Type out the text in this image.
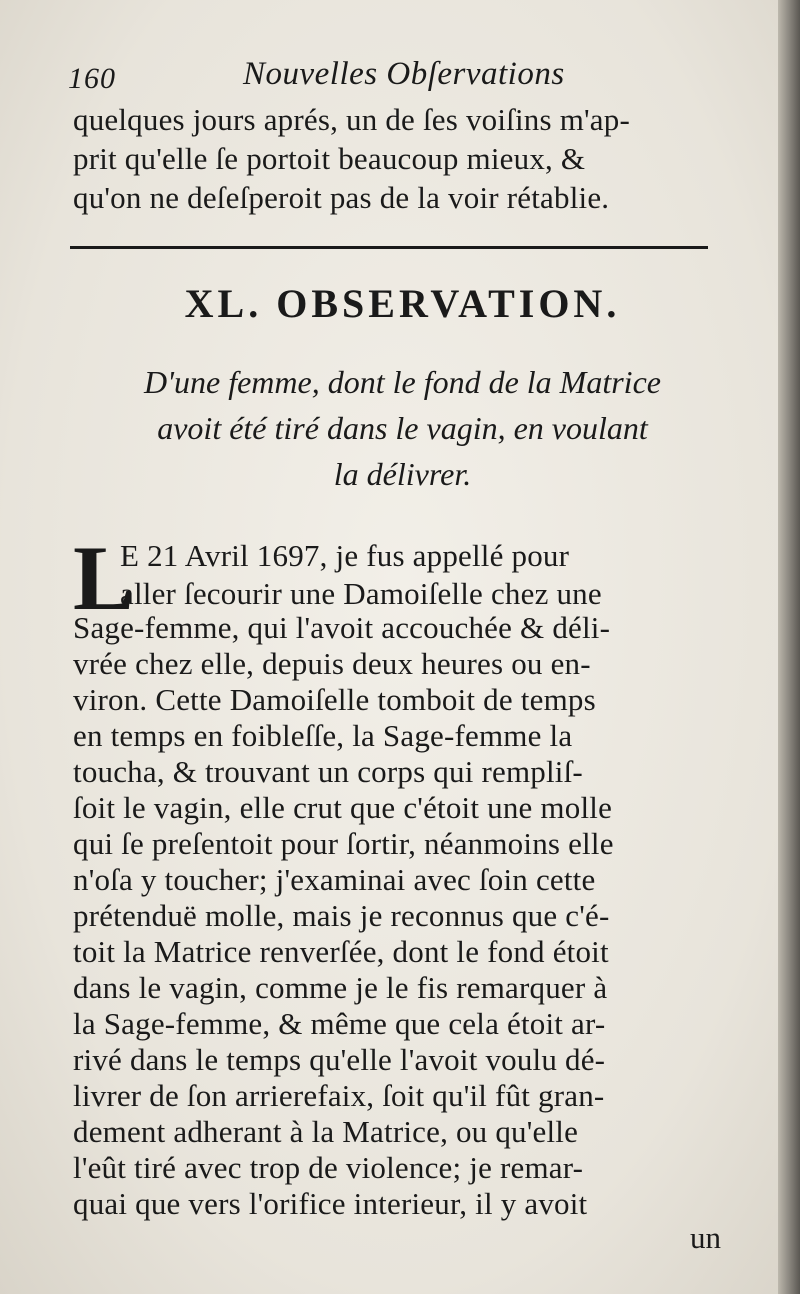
160	Nouvelles Obſervations
quelques jours aprés, un de ſes voiſins m'ap-
prit qu'elle ſe portoit beaucoup mieux, &
qu'on ne deſeſperoit pas de la voir rétablie.
XL. OBSERVATION.
D'une femme, dont le fond de la Matrice
avoit été tiré dans le vagin, en voulant
la délivrer.
L
E 21 Avril 1697, je fus appellé pour
aller ſecourir une Damoiſelle chez une
Sage-femme, qui l'avoit accouchée & déli-
vrée chez elle, depuis deux heures ou en-
viron. Cette Damoiſelle tomboit de temps
en temps en foibleſſe, la Sage-femme la
toucha, & trouvant un corps qui rempliſ-
ſoit le vagin, elle crut que c'étoit une molle
qui ſe preſentoit pour ſortir, néanmoins elle
n'oſa y toucher; j'examinai avec ſoin cette
prétenduë molle, mais je reconnus que c'é-
toit la Matrice renverſée, dont le fond étoit
dans le vagin, comme je le fis remarquer à
la Sage-femme, & même que cela étoit ar-
rivé dans le temps qu'elle l'avoit voulu dé-
livrer de ſon arrierefaix, ſoit qu'il fût gran-
dement adherant à la Matrice, ou qu'elle
l'eût tiré avec trop de violence; je remar-
quai que vers l'orifice interieur, il y avoit
un
